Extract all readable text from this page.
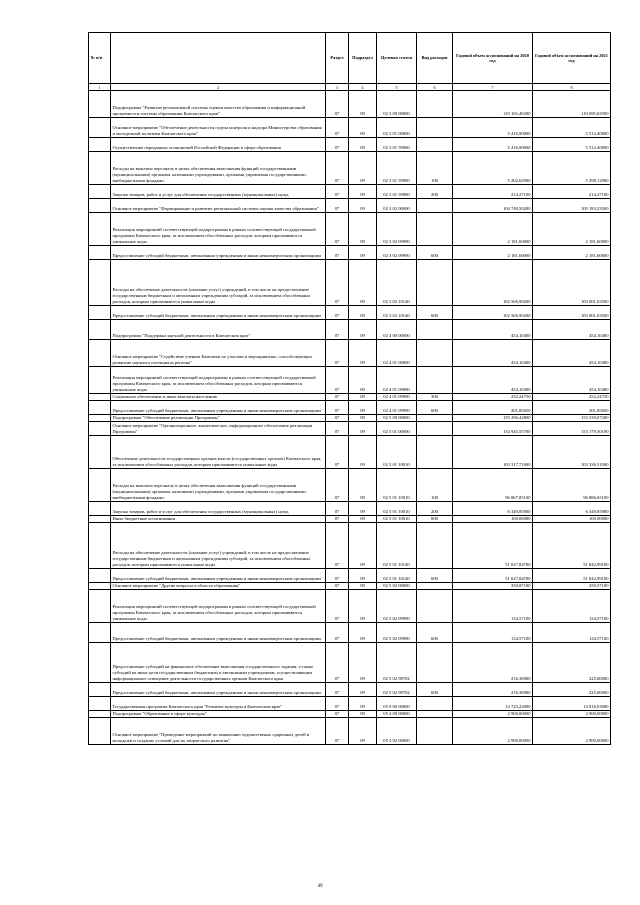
№ п/п		Раздел	Подраздел	Целевая статья	Вид расходов	Годовой объем ассигнований на 2020 год	Годовой объем ассигнований на 2021 год
1	2	3	4	5	6	7	8
	Подпрограмма "Развитие региональной системы оценки качества образования и информационной прозрачности системы образования Камчатского края"	07	09	02 3 00 00000		110 165,40200	110 695,63500
	Основное мероприятие "Обеспечение деятельности отдела контроля и надзора Министерства образования и молодежной политики Камчатского края"	07	09	02 3 01 00000		5 416,90000	5 512,40000
	Осуществление переданных полномочий Российской Федерации в сфере образования	07	09	02 3 01 59900		5 416,90000	5 512,40000
	Расходы на выплаты персоналу в целях обеспечения выполнения функций государственными (муниципальными) органами, казенными учреждениями, органами управления государственными внебюджетными фондами	07	09	02 3 01 59900	100	5 202,62900	5 298,12900
	Закупка товаров, работ и услуг для обеспечения государственных (муниципальных) нужд	07	09	02 3 01 59900	200	214,27100	214,27100
	Основное мероприятие "Формирование и развитие региональной системы оценки качества образования"	07	09	02 3 02 00000		104 748,50200	105 183,23500
	Реализация мероприятий соответствующей подпрограммы в рамках соответствующей государственной программы Камчатского края, за исключением обособленных расходов, которым присваиваются уникальные коды	07	09	02 3 02 09990		2 181,60000	2 181,60000
	Предоставление субсидий бюджетным, автономным учреждениям и иным некоммерческим организациям	07	09	02 3 02 09990	600	2 181,60000	2 181,60000
	Расходы на обеспечение деятельности (оказание услуг) учреждений, в том числе на предоставление государственным бюджетным и автономным учреждениям субсидий, за исключением обособленных расходов, которым присваиваются уникальные коды	07	09	02 3 02 10140		102 566,90200	103 001,63500
	Предоставление субсидий бюджетным, автономным учреждениям и иным некоммерческим организациям	07	09	02 3 02 10140	600	102 566,90200	103 001,63500
	Подпрограмма "Поддержка научной деятельности в Камчатском крае"	07	09	02 4 00 00000		454,10400	454,10400
	Основное мероприятие "Содействие ученым Камчатки по участию в мероприятиях, способствующих развитию научного потенциала региона"	07	09	02 4 01 00000		454,10400	454,10400
	Реализация мероприятий соответствующей подпрограммы в рамках соответствующей государственной программы Камчатского края, за исключением обособленных расходов, которым присваиваются уникальные коды	07	09	02 4 01 09990		454,10400	454,10400
	Социальное обеспечение и иные выплаты населению	07	09	02 4 01 09990	300	252,24750	252,24750
	Предоставление субсидий бюджетным, автономным учреждениям и иным некоммерческим организациям	07	09	02 4 01 09990	600	201,85650	201,85650
	Подпрограмма "Обеспечение реализации Программы"	07	09	02 5 00 00000		155 296,42800	153 539,07200
	Основное мероприятие "Организационное, аналитическое, информационное обеспечение реализации Программы"	07	09	02 5 01 00000		154 945,55700	153 179,50100
	Обеспечение деятельности государственных органов власти (государственных органов) Камчатского края, за исключением обособленных расходов, которым присваиваются уникальные коды	07	09	02 5 01 10010		103 317,71000	103 336,51000
	Расходы на выплаты персоналу в целях обеспечения выполнения функций государственными (муниципальными) органами, казенными учреждениями, органами управления государственными внебюджетными фондами	07	09	02 5 01 10010	100	96 867,85100	96 886,65100
	Закупка товаров, работ и услуг для обеспечения государственных (муниципальных) нужд	07	09	02 5 01 10010	200	6 349,85900	6 349,85900
	Иные бюджетные ассигнования	07	09	02 5 01 10010	800	100,00000	100,00000
	Расходы на обеспечение деятельности (оказание услуг) учреждений, в том числе на предоставление государственным бюджетным и автономным учреждениям субсидий, за исключением обособленных расходов, которым присваиваются уникальные коды	07	09	02 5 01 10140		51 627,84700	51 842,99100
	Предоставление субсидий бюджетным, автономным учреждениям и иным некоммерческим организациям	07	09	02 5 01 10140	600	51 627,84700	51 842,99100
	Основное мероприятие "Другие вопросы в области образования"	07	09	02 5 02 00000		350,87100	359,57100
	Реализация мероприятий соответствующей подпрограммы в рамках соответствующей государственной программы Камчатского края, за исключением обособленных расходов, которым присваиваются уникальные коды	07	09	02 5 02 09990		134,57100	134,57100
	Предоставление субсидий бюджетным, автономным учреждениям и иным некоммерческим организациям	07	09	02 5 02 09990	600	134,57100	134,57100
	Предоставление субсидий на финансовое обеспечение выполнения государственного задания, а также субсидий на иные цели государственным бюджетным и автономным учреждениям, осуществляющим информационное освещение деятельности государственных органов Камчатского края	07	09	02 5 02 98702		216,30000	225,00000
	Предоставление субсидий бюджетным, автономным учреждениям и иным некоммерческим организациям	07	09	02 5 02 98702	600	216,30000	225,00000
	Государственная программа Камчатского края "Развитие культуры в Камчатском крае"	07	09	05 0 00 00000		14 725,22000	14 816,03000
	Подпрограмма "Образование в сфере культуры"	07	09	05 4 00 00000		2 900,00000	2 900,00000
	Основное мероприятие "Проведение мероприятий по выявлению художественно одаренных детей и молодежи и создание условий для их творческого развития"	07	09	05 4 02 00000		2 900,00000	2 900,00000
49
